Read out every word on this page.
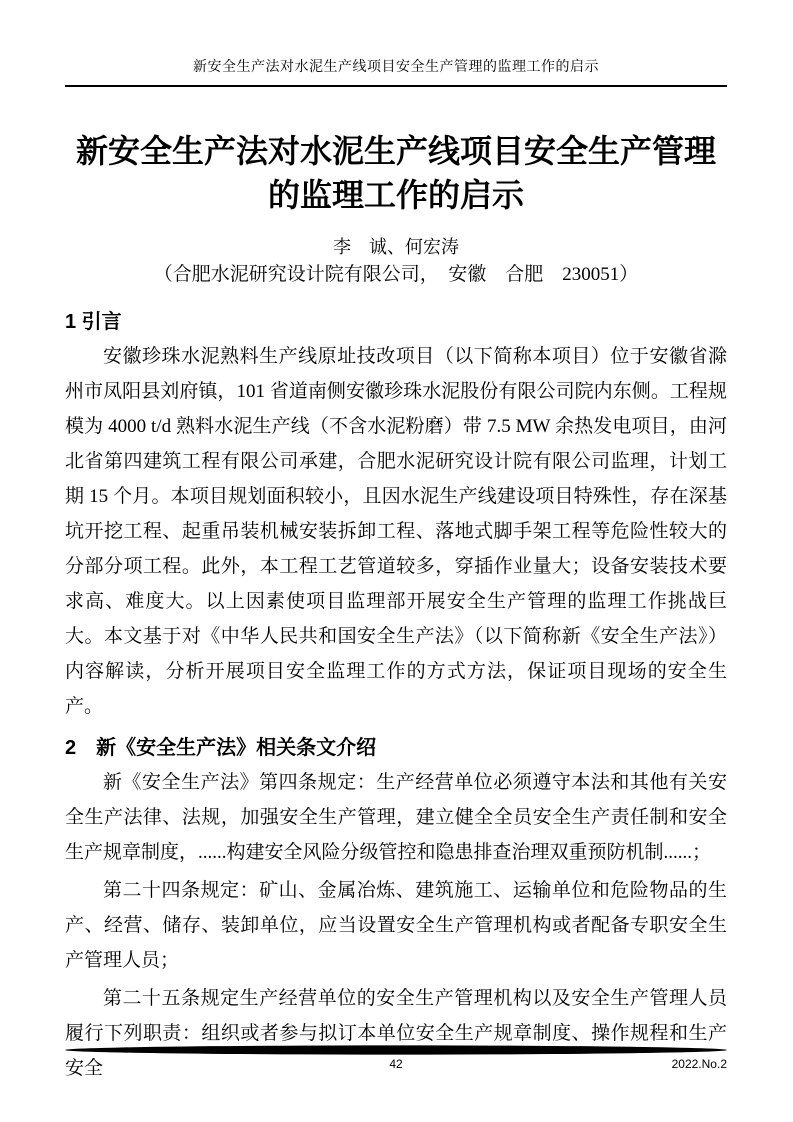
新安全生产法对水泥生产线项目安全生产管理的监理工作的启示
新安全生产法对水泥生产线项目安全生产管理的监理工作的启示
李　诚、何宏涛
（合肥水泥研究设计院有限公司，　安徽　合肥　230051）
1 引言

安徽珍珠水泥熟料生产线原址技改项目（以下简称本项目）位于安徽省滁州市凤阳县刘府镇，101 省道南侧安徽珍珠水泥股份有限公司院内东侧。工程规模为 4000 t/d 熟料水泥生产线（不含水泥粉磨）带 7.5 MW 余热发电项目，由河北省第四建筑工程有限公司承建，合肥水泥研究设计院有限公司监理，计划工期 15 个月。本项目规划面积较小，且因水泥生产线建设项目特殊性，存在深基坑开挖工程、起重吊装机械安装拆卸工程、落地式脚手架工程等危险性较大的分部分项工程。此外，本工程工艺管道较多，穿插作业量大；设备安装技术要求高、难度大。以上因素使项目监理部开展安全生产管理的监理工作挑战巨大。本文基于对《中华人民共和国安全生产法》（以下简称新《安全生产法》）内容解读，分析开展项目安全监理工作的方式方法，保证项目现场的安全生产。

2　新《安全生产法》相关条文介绍

新《安全生产法》第四条规定：生产经营单位必须遵守本法和其他有关安全生产法律、法规，加强安全生产管理，建立健全全员安全生产责任制和安全生产规章制度，......构建安全风险分级管控和隐患排查治理双重预防机制......；

第二十四条规定：矿山、金属冶炼、建筑施工、运输单位和危险物品的生产、经营、储存、装卸单位，应当设置安全生产管理机构或者配备专职安全生产管理人员；

第二十五条规定生产经营单位的安全生产管理机构以及安全生产管理人员履行下列职责：组织或者参与拟订本单位安全生产规章制度、操作规程和生产安全	42	2022.No.2
